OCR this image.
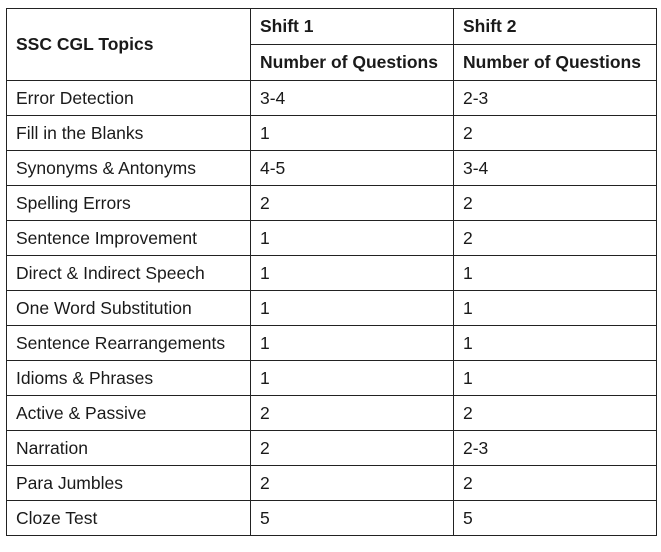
SSC CGL Topics	Shift 1	Shift 2
	Number of Questions	Number of Questions
Error Detection	3-4	2-3
Fill in the Blanks	1	2
Synonyms & Antonyms	4-5	3-4
Spelling Errors	2	2
Sentence Improvement	1	2
Direct & Indirect Speech	1	1
One Word Substitution	1	1
Sentence Rearrangements	1	1
Idioms & Phrases	1	1
Active & Passive	2	2
Narration	2	2-3
Para Jumbles	2	2
Cloze Test	5	5
